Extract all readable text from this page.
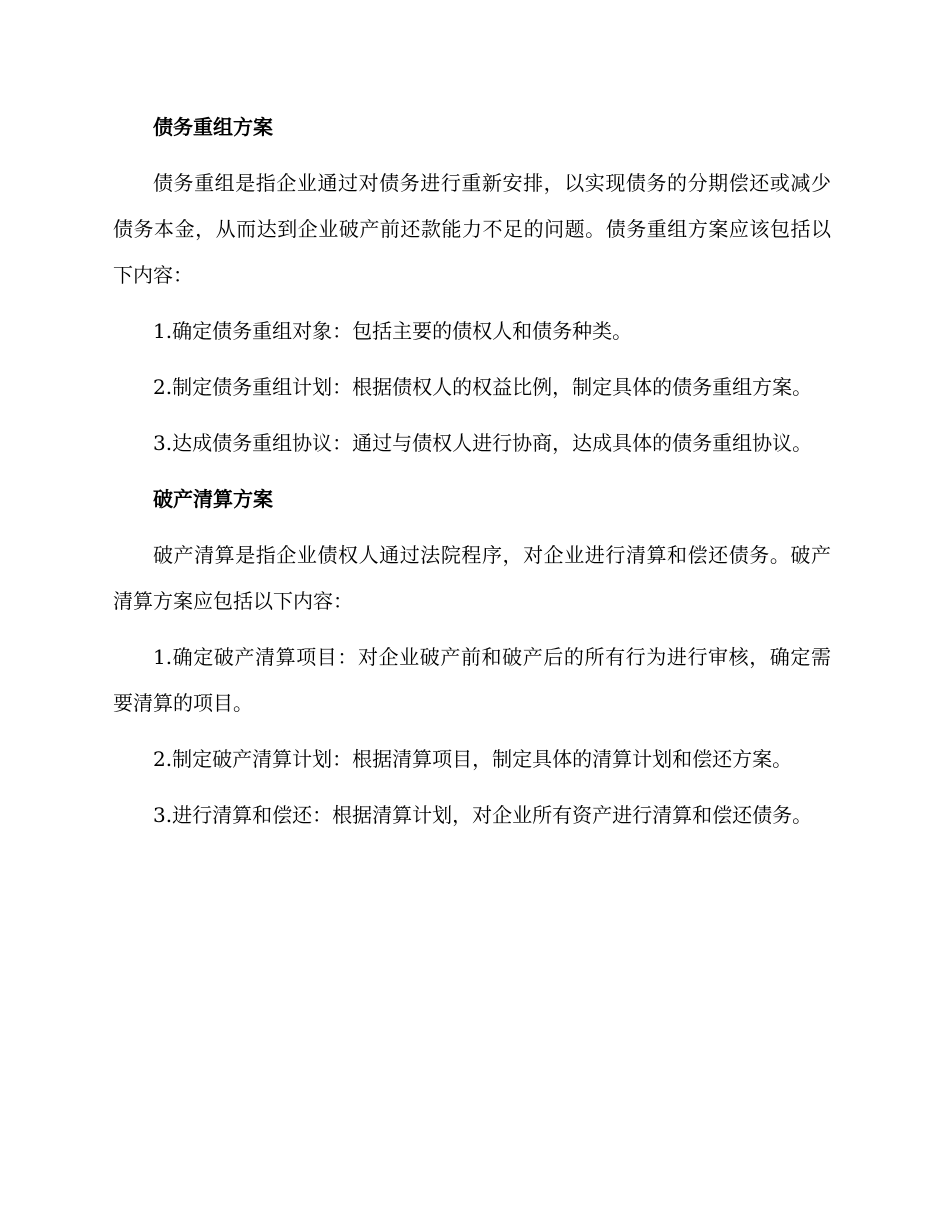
债务重组方案

债务重组是指企业通过对债务进行重新安排，以实现债务的分期偿还或减少债务本金，从而达到企业破产前还款能力不足的问题。债务重组方案应该包括以下内容：

1.确定债务重组对象：包括主要的债权人和债务种类。

2.制定债务重组计划：根据债权人的权益比例，制定具体的债务重组方案。

3.达成债务重组协议：通过与债权人进行协商，达成具体的债务重组协议。

破产清算方案

破产清算是指企业债权人通过法院程序，对企业进行清算和偿还债务。破产清算方案应包括以下内容：

1.确定破产清算项目：对企业破产前和破产后的所有行为进行审核，确定需要清算的项目。

2.制定破产清算计划：根据清算项目，制定具体的清算计划和偿还方案。

3.进行清算和偿还：根据清算计划，对企业所有资产进行清算和偿还债务。
